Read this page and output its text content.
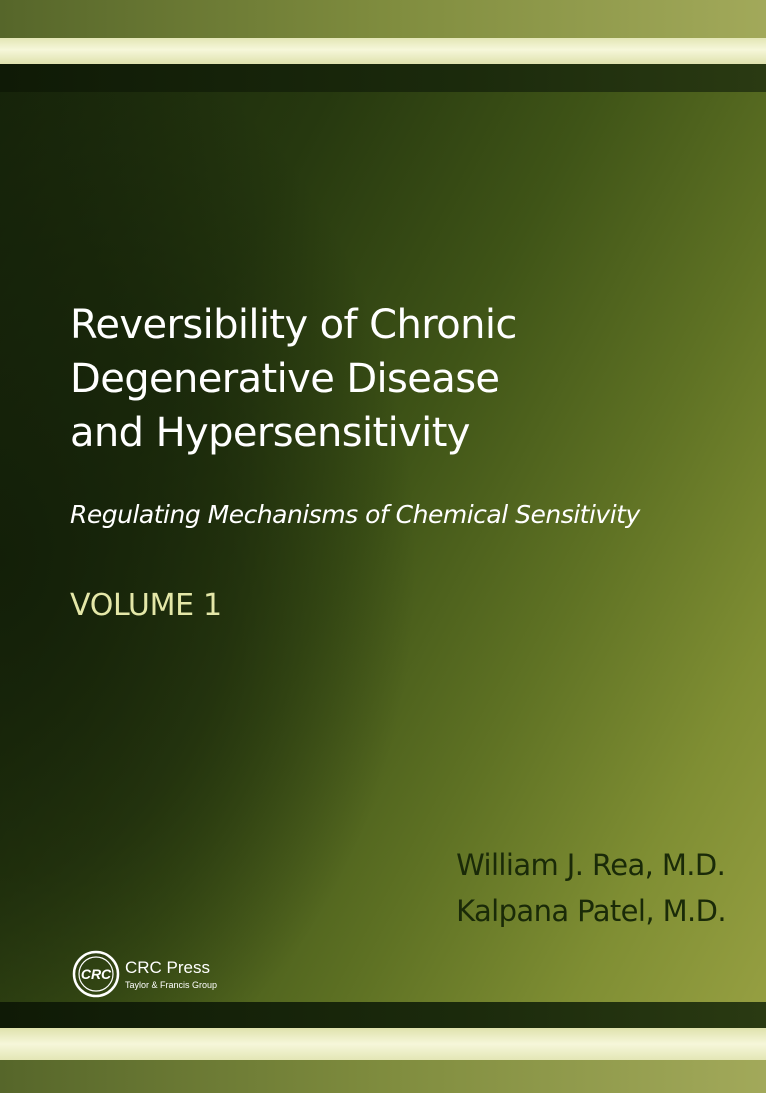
Reversibility of Chronic
Degenerative Disease
and Hypersensitivity

Regulating Mechanisms of Chemical Sensitivity

VOLUME 1

William J. Rea, M.D.
Kalpana Patel, M.D.
CRC CRC Press
Taylor & Francis Group
